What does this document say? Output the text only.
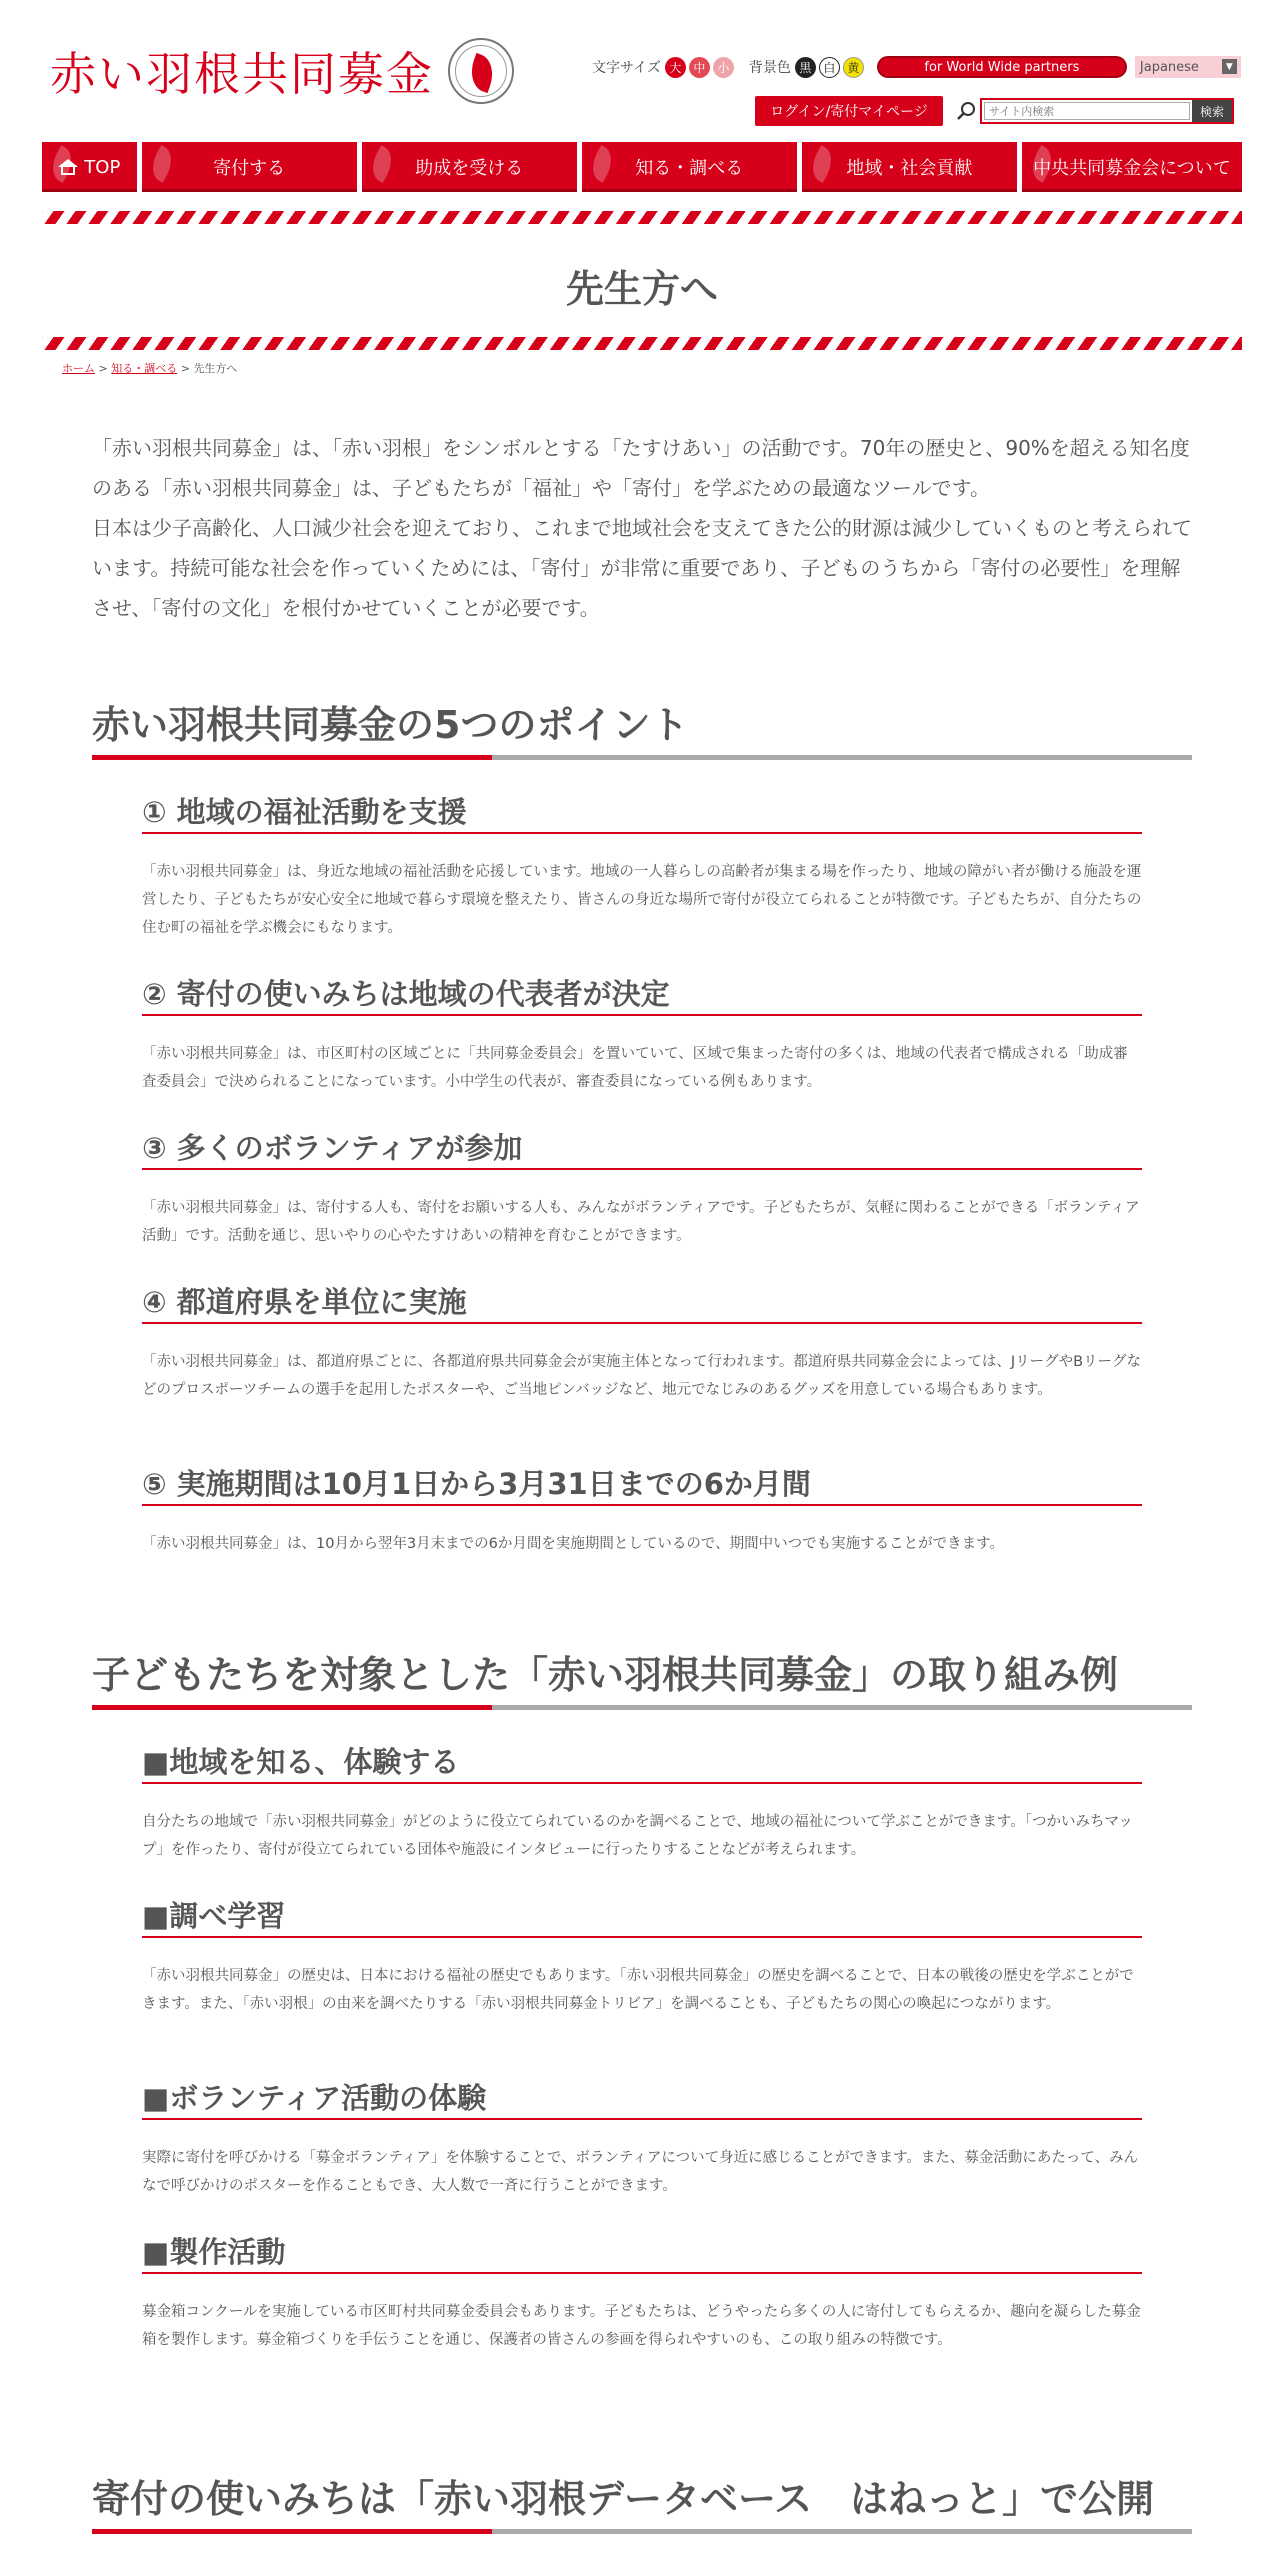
赤い羽根共同募金	文字サイズ 大 中 小	背景色 黒 白 黄	for World Wide partners	Japanese	▼
ログイン/寄付マイページ
サイト内検索	検索
TOP	寄付する	助成を受ける	知る・調べる	地域・社会貢献	中央共同募金会について
先生方へ
ホーム > 知る・調べる > 先生方へ
「赤い羽根共同募金」は、「赤い羽根」をシンボルとする「たすけあい」の活動です。70年の歴史と、90%を超える知名度のある「赤い羽根共同募金」は、子どもたちが「福祉」や「寄付」を学ぶための最適なツールです。
日本は少子高齢化、人口減少社会を迎えており、これまで地域社会を支えてきた公的財源は減少していくものと考えられています。持続可能な社会を作っていくためには、「寄付」が非常に重要であり、子どものうちから「寄付の必要性」を理解させ、「寄付の文化」を根付かせていくことが必要です。
赤い羽根共同募金の5つのポイント
① 地域の福祉活動を支援

「赤い羽根共同募金」は、身近な地域の福祉活動を応援しています。地域の一人暮らしの高齢者が集まる場を作ったり、地域の障がい者が働ける施設を運営したり、子どもたちが安心安全に地域で暮らす環境を整えたり、皆さんの身近な場所で寄付が役立てられることが特徴です。子どもたちが、自分たちの住む町の福祉を学ぶ機会にもなります。

② 寄付の使いみちは地域の代表者が決定

「赤い羽根共同募金」は、市区町村の区域ごとに「共同募金委員会」を置いていて、区域で集まった寄付の多くは、地域の代表者で構成される「助成審査委員会」で決められることになっています。小中学生の代表が、審査委員になっている例もあります。

③ 多くのボランティアが参加

「赤い羽根共同募金」は、寄付する人も、寄付をお願いする人も、みんながボランティアです。子どもたちが、気軽に関わることができる「ボランティア活動」です。活動を通じ、思いやりの心やたすけあいの精神を育むことができます。

④ 都道府県を単位に実施

「赤い羽根共同募金」は、都道府県ごとに、各都道府県共同募金会が実施主体となって行われます。都道府県共同募金会によっては、JリーグやBリーグなどのプロスポーツチームの選手を起用したポスターや、ご当地ピンバッジなど、地元でなじみのあるグッズを用意している場合もあります。

⑤ 実施期間は10月1日から3月31日までの6か月間

「赤い羽根共同募金」は、10月から翌年3月末までの6か月間を実施期間としているので、期間中いつでも実施することができます。

子どもたちを対象とした「赤い羽根共同募金」の取り組み例
■地域を知る、体験する

自分たちの地域で「赤い羽根共同募金」がどのように役立てられているのかを調べることで、地域の福祉について学ぶことができます。「つかいみちマップ」を作ったり、寄付が役立てられている団体や施設にインタビューに行ったりすることなどが考えられます。

■調べ学習

「赤い羽根共同募金」の歴史は、日本における福祉の歴史でもあります。「赤い羽根共同募金」の歴史を調べることで、日本の戦後の歴史を学ぶことができます。また、「赤い羽根」の由来を調べたりする「赤い羽根共同募金トリビア」を調べることも、子どもたちの関心の喚起につながります。

■ボランティア活動の体験

実際に寄付を呼びかける「募金ボランティア」を体験することで、ボランティアについて身近に感じることができます。また、募金活動にあたって、みんなで呼びかけのポスターを作ることもでき、大人数で一斉に行うことができます。

■製作活動

募金箱コンクールを実施している市区町村共同募金委員会もあります。子どもたちは、どうやったら多くの人に寄付してもらえるか、趣向を凝らした募金箱を製作します。募金箱づくりを手伝うことを通じ、保護者の皆さんの参画を得られやすいのも、この取り組みの特徴です。

寄付の使いみちは「赤い羽根データベース　はねっと」で公開
